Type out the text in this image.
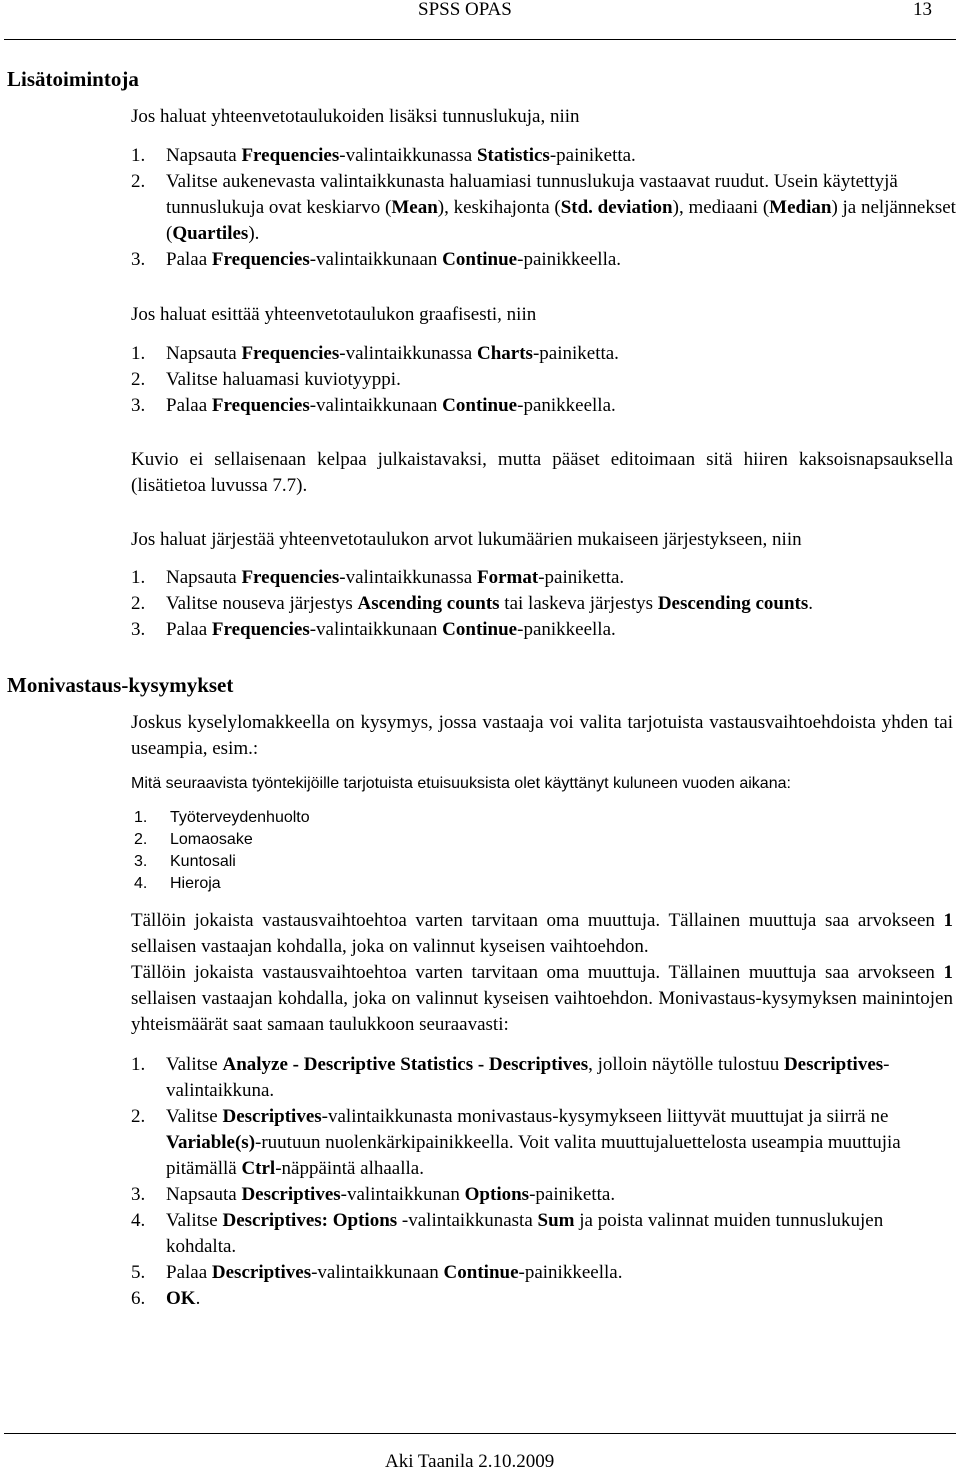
SPSS OPAS	13
Lisätoimintoja

Jos haluat yhteenvetotaulukoiden lisäksi tunnuslukuja, niin

1. Napsauta Frequencies-valintaikkunassa Statistics-painiketta.
2. Valitse aukenevasta valintaikkunasta haluamiasi tunnuslukuja vastaavat ruudut. Usein käytettyjä tunnuslukuja ovat keskiarvo (Mean), keskihajonta (Std. deviation), mediaani (Median) ja neljännekset (Quartiles).
3. Palaa Frequencies-valintaikkunaan Continue-painikkeella.

Jos haluat esittää yhteenvetotaulukon graafisesti, niin

1. Napsauta Frequencies-valintaikkunassa Charts-painiketta.
2. Valitse haluamasi kuviotyyppi.
3. Palaa Frequencies-valintaikkunaan Continue-panikkeella.

Kuvio ei sellaisenaan kelpaa julkaistavaksi, mutta pääset editoimaan sitä hiiren kaksoisnapsauksella (lisätietoa luvussa 7.7).

Jos haluat järjestää yhteenvetotaulukon arvot lukumäärien mukaiseen järjestykseen, niin

1. Napsauta Frequencies-valintaikkunassa Format-painiketta.
2. Valitse nouseva järjestys Ascending counts tai laskeva järjestys Descending counts.
3. Palaa Frequencies-valintaikkunaan Continue-panikkeella.
Monivastaus-kysymykset

Joskus kyselylomakkeella on kysymys, jossa vastaaja voi valita tarjotuista vastausvaihtoehdoista yhden tai useampia, esim.:

Mitä seuraavista työntekijöille tarjotuista etuisuuksista olet käyttänyt kuluneen vuoden aikana:

1. Työterveydenhuolto
2. Lomaosake
3. Kuntosali
4. Hieroja

Tällöin jokaista vastausvaihtoehtoa varten tarvitaan oma muuttuja. Tällainen muuttuja saa arvokseen 1 sellaisen vastaajan kohdalla, joka on valinnut kyseisen vaihtoehdon.

Tällöin jokaista vastausvaihtoehtoa varten tarvitaan oma muuttuja. Tällainen muuttuja saa arvokseen 1 sellaisen vastaajan kohdalla, joka on valinnut kyseisen vaihtoehdon. Monivastaus-kysymyksen mainintojen yhteismäärät saat samaan taulukkoon seuraavasti:

1. Valitse Analyze - Descriptive Statistics - Descriptives, jolloin näytölle tulostuu Descriptives-valintaikkuna.
2. Valitse Descriptives-valintaikkunasta monivastaus-kysymykseen liittyvät muuttujat ja siirrä ne Variable(s)-ruutuun nuolenkärkipainikkeella. Voit valita muuttujaluettelosta useampia muuttujia pitämällä Ctrl-näppäintä alhaalla.
3. Napsauta Descriptives-valintaikkunan Options-painiketta.
4. Valitse Descriptives: Options -valintaikkunasta Sum ja poista valinnat muiden tunnuslukujen kohdalta.
5. Palaa Descriptives-valintaikkunaan Continue-painikkeella.
6. OK.
Aki Taanila 2.10.2009
